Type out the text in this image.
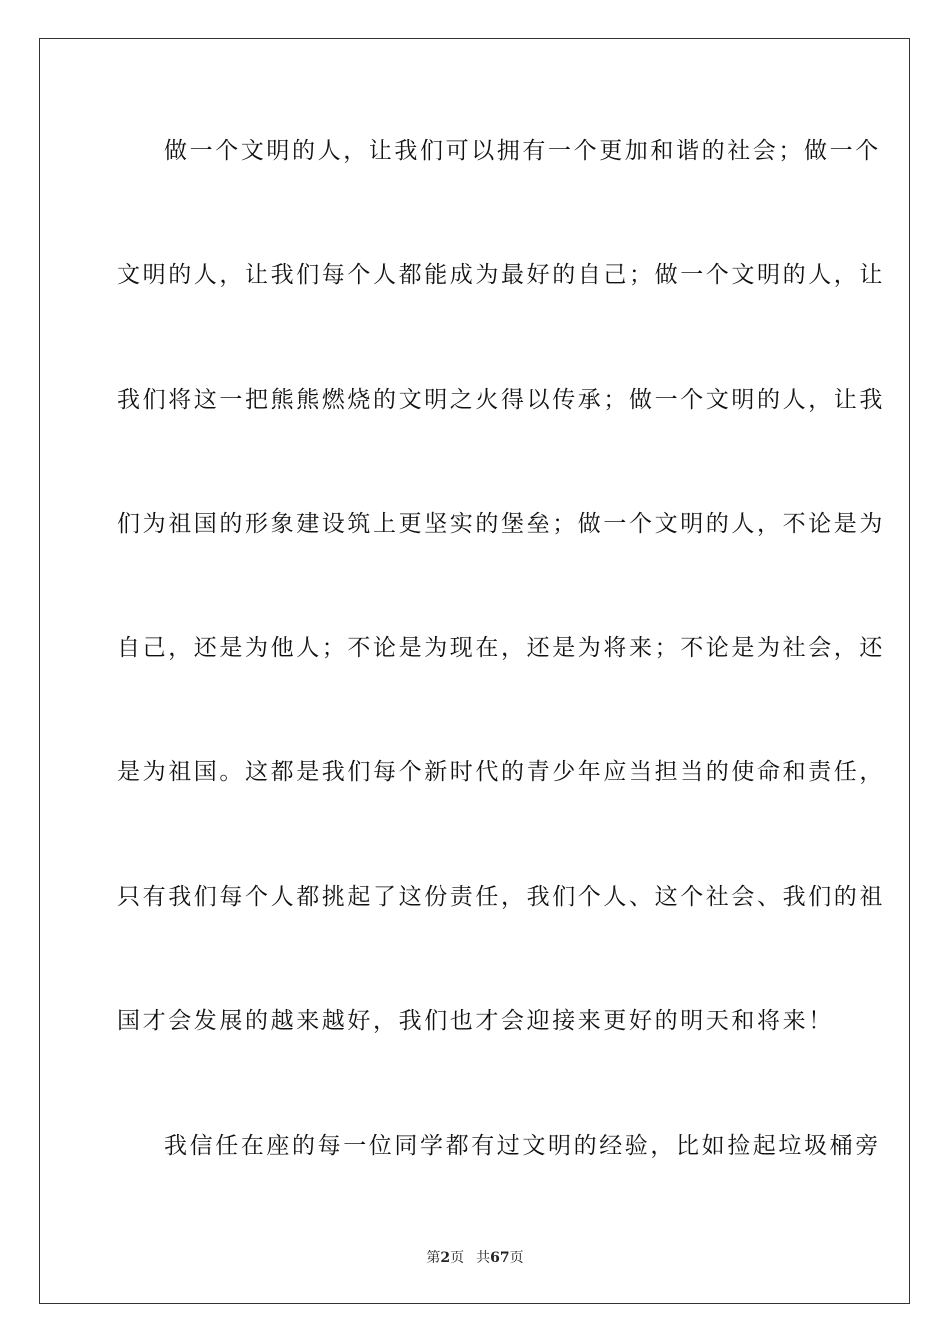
做一个文明的人，让我们可以拥有一个更加和谐的社会；做一个
文明的人，让我们每个人都能成为最好的自己；做一个文明的人，让
我们将这一把熊熊燃烧的文明之火得以传承；做一个文明的人，让我
们为祖国的形象建设筑上更坚实的堡垒；做一个文明的人，不论是为
自己，还是为他人；不论是为现在，还是为将来；不论是为社会，还
是为祖国。这都是我们每个新时代的青少年应当担当的使命和责任，
只有我们每个人都挑起了这份责任，我们个人、这个社会、我们的祖
国才会发展的越来越好，我们也才会迎接来更好的明天和将来！
我信任在座的每一位同学都有过文明的经验，比如捡起垃圾桶旁
第2页 共67页
